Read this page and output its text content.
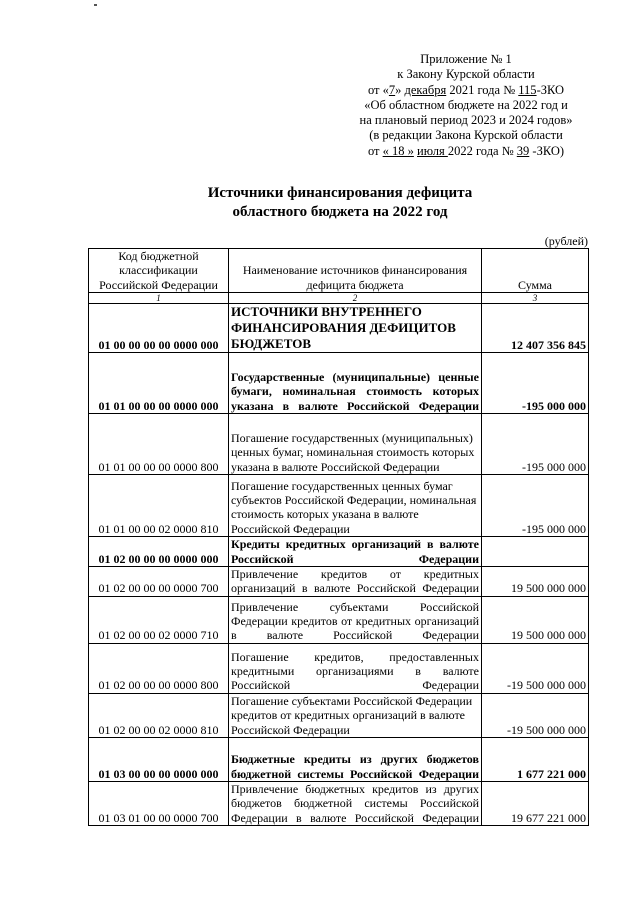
Приложение № 1
к Закону Курской области
от «7» декабря 2021 года № 115-ЗКО
«Об областном бюджете на 2022 год и
на плановый период 2023 и 2024 годов»
(в редакции Закона Курской области
от « 18 » июля 2022 года № 39 -ЗКО)
Источники финансирования дефицита
областного бюджета на 2022 год
(рублей)
Код бюджетной классификации Российской Федерации	Наименование источников финансирования дефицита бюджета	Сумма
1	2	3
01 00 00 00 00 0000 000	ИСТОЧНИКИ ВНУТРЕННЕГО ФИНАНСИРОВАНИЯ ДЕФИЦИТОВ БЮДЖЕТОВ	12 407 356 845
01 01 00 00 00 0000 000	Государственные (муниципальные) ценные бумаги, номинальная стоимость которых указана в валюте Российской Федерации	-195 000 000
01 01 00 00 00 0000 800	Погашение государственных (муниципальных) ценных бумаг, номинальная стоимость которых указана в валюте Российской Федерации	-195 000 000
01 01 00 00 02 0000 810	Погашение государственных ценных бумаг субъектов Российской Федерации, номинальная стоимость которых указана в валюте Российской Федерации	-195 000 000
01 02 00 00 00 0000 000	Кредиты кредитных организаций в валюте Российской Федерации	
01 02 00 00 00 0000 700	Привлечение кредитов от кредитных организаций в валюте Российской Федерации	19 500 000 000
01 02 00 00 02 0000 710	Привлечение субъектами Российской Федерации кредитов от кредитных организаций в валюте Российской Федерации	19 500 000 000
01 02 00 00 00 0000 800	Погашение кредитов, предоставленных кредитными организациями в валюте Российской Федерации	-19 500 000 000
01 02 00 00 02 0000 810	Погашение субъектами Российской Федерации кредитов от кредитных организаций в валюте Российской Федерации	-19 500 000 000
01 03 00 00 00 0000 000	Бюджетные кредиты из других бюджетов бюджетной системы Российской Федерации	1 677 221 000
01 03 01 00 00 0000 700	Привлечение бюджетных кредитов из других бюджетов бюджетной системы Российской Федерации в валюте Российской Федерации	19 677 221 000
